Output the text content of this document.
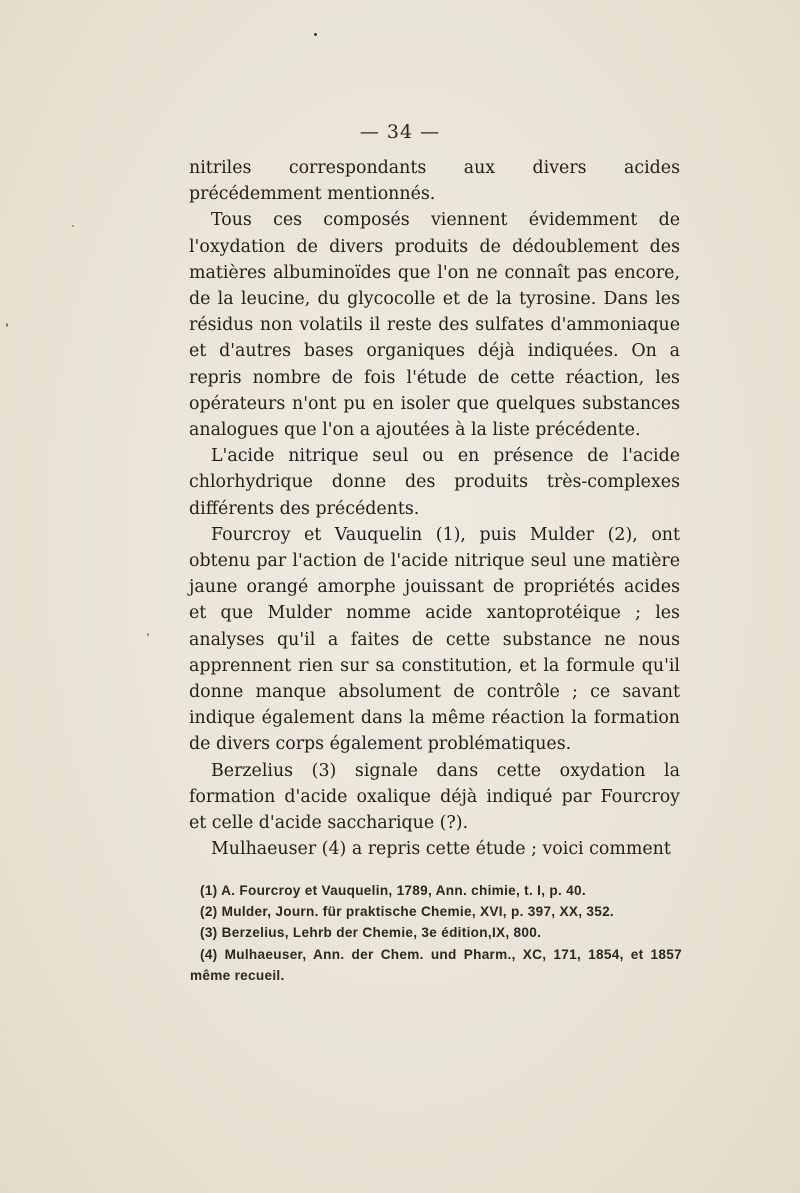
— 34 —

nitriles correspondants aux divers acides précédemment mentionnés.

Tous ces composés viennent évidemment de l'oxydation de divers produits de dédoublement des matières albuminoïdes que l'on ne connaît pas encore, de la leucine, du glycocolle et de la tyrosine. Dans les résidus non volatils il reste des sulfates d'ammoniaque et d'autres bases organiques déjà indiquées. On a repris nombre de fois l'étude de cette réaction, les opérateurs n'ont pu en isoler que quelques substances analogues que l'on a ajoutées à la liste précédente.

L'acide nitrique seul ou en présence de l'acide chlorhydrique donne des produits très-complexes différents des précédents.

Fourcroy et Vauquelin (1), puis Mulder (2), ont obtenu par l'action de l'acide nitrique seul une matière jaune orangé amorphe jouissant de propriétés acides et que Mulder nomme acide xantoprotéique ; les analyses qu'il a faites de cette substance ne nous apprennent rien sur sa constitution, et la formule qu'il donne manque absolument de contrôle ; ce savant indique également dans la même réaction la formation de divers corps également problématiques.

Berzelius (3) signale dans cette oxydation la formation d'acide oxalique déjà indiqué par Fourcroy et celle d'acide saccharique (?).

Mulhaeuser (4) a repris cette étude ; voici comment

(1) A. Fourcroy et Vauquelin, 1789, Ann. chimie, t. I, p. 40.

(2) Mulder, Journ. für praktische Chemie, XVI, p. 397, XX, 352.

(3) Berzelius, Lehrb der Chemie, 3e édition,IX, 800.

(4) Mulhaeuser, Ann. der Chem. und Pharm., XC, 171, 1854, et 1857 même recueil.
